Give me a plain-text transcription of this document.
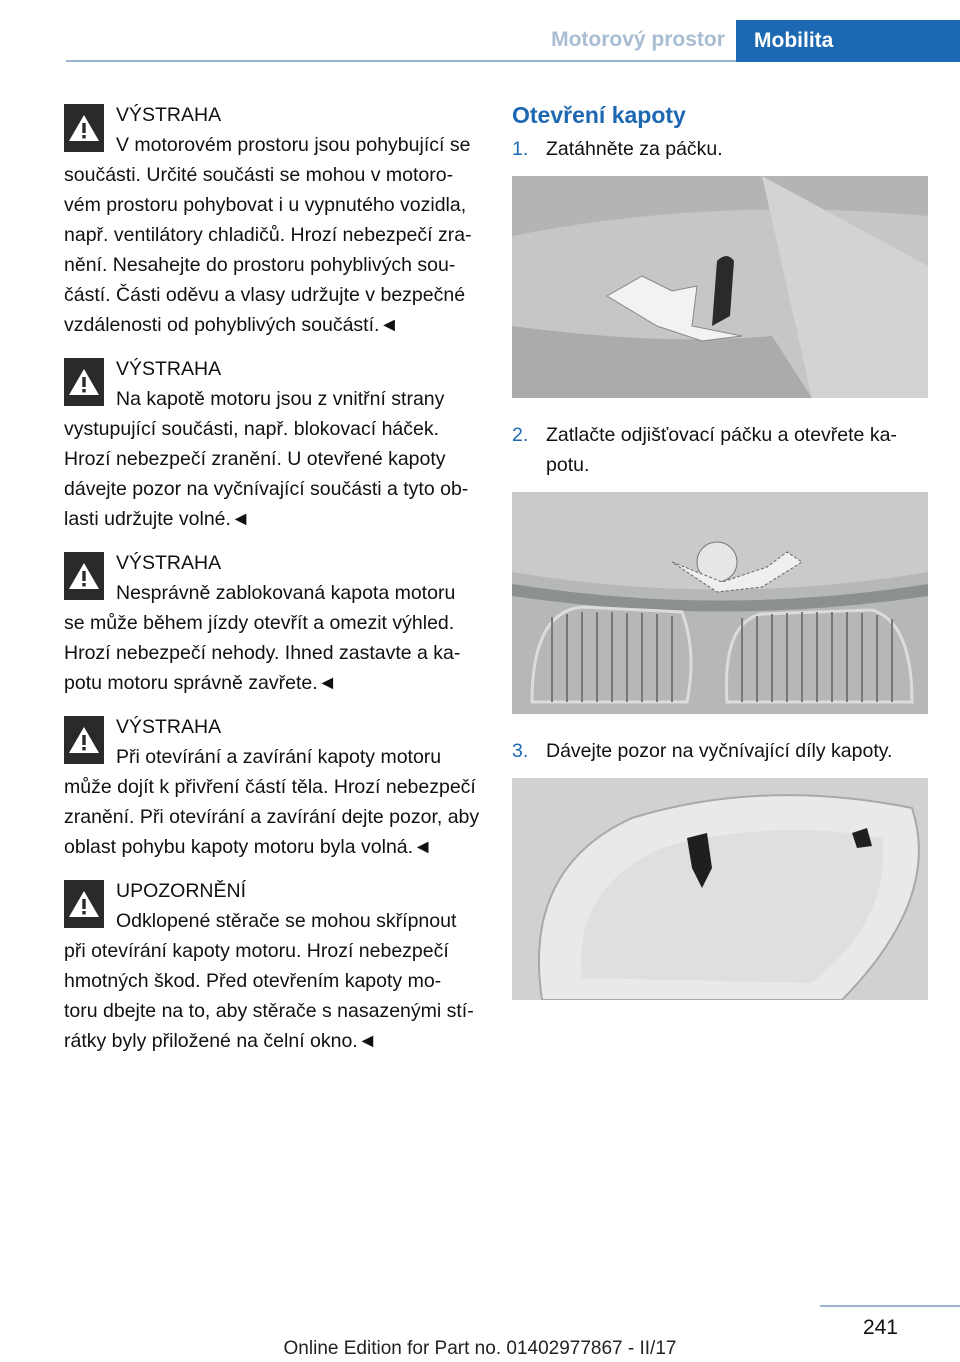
Motorový prostor	Mobilita
VÝSTRAHA
V motorovém prostoru jsou pohybující se
součásti. Určité součásti se mohou v motoro‐
vém prostoru pohybovat i u vypnutého vozidla,
např. ventilátory chladičů. Hrozí nebezpečí zra‐
nění. Nesahejte do prostoru pohyblivých sou‐
částí. Části oděvu a vlasy udržujte v bezpečné
vzdálenosti od pohyblivých součástí.◄
VÝSTRAHA
Na kapotě motoru jsou z vnitřní strany
vystupující součásti, např. blokovací háček.
Hrozí nebezpečí zranění. U otevřené kapoty
dávejte pozor na vyčnívající součásti a tyto ob‐
lasti udržujte volné.◄
VÝSTRAHA
Nesprávně zablokovaná kapota motoru
se může během jízdy otevřít a omezit výhled.
Hrozí nebezpečí nehody. Ihned zastavte a ka‐
potu motoru správně zavřete.◄
VÝSTRAHA
Při otevírání a zavírání kapoty motoru
může dojít k přivření částí těla. Hrozí nebezpečí
zranění. Při otevírání a zavírání dejte pozor, aby
oblast pohybu kapoty motoru byla volná.◄
UPOZORNĚNÍ
Odklopené stěrače se mohou skřípnout
při otevírání kapoty motoru. Hrozí nebezpečí
hmotných škod. Před otevřením kapoty mo‐
toru dbejte na to, aby stěrače s nasazenými stí‐
rátky byly přiložené na čelní okno.◄
Otevření kapoty
1. Zatáhněte za páčku.
2. Zatlačte odjišťovací páčku a otevřete ka‐ potu.
3. Dávejte pozor na vyčnívající díly kapoty.
241
Online Edition for Part no. 01402977867 - II/17
